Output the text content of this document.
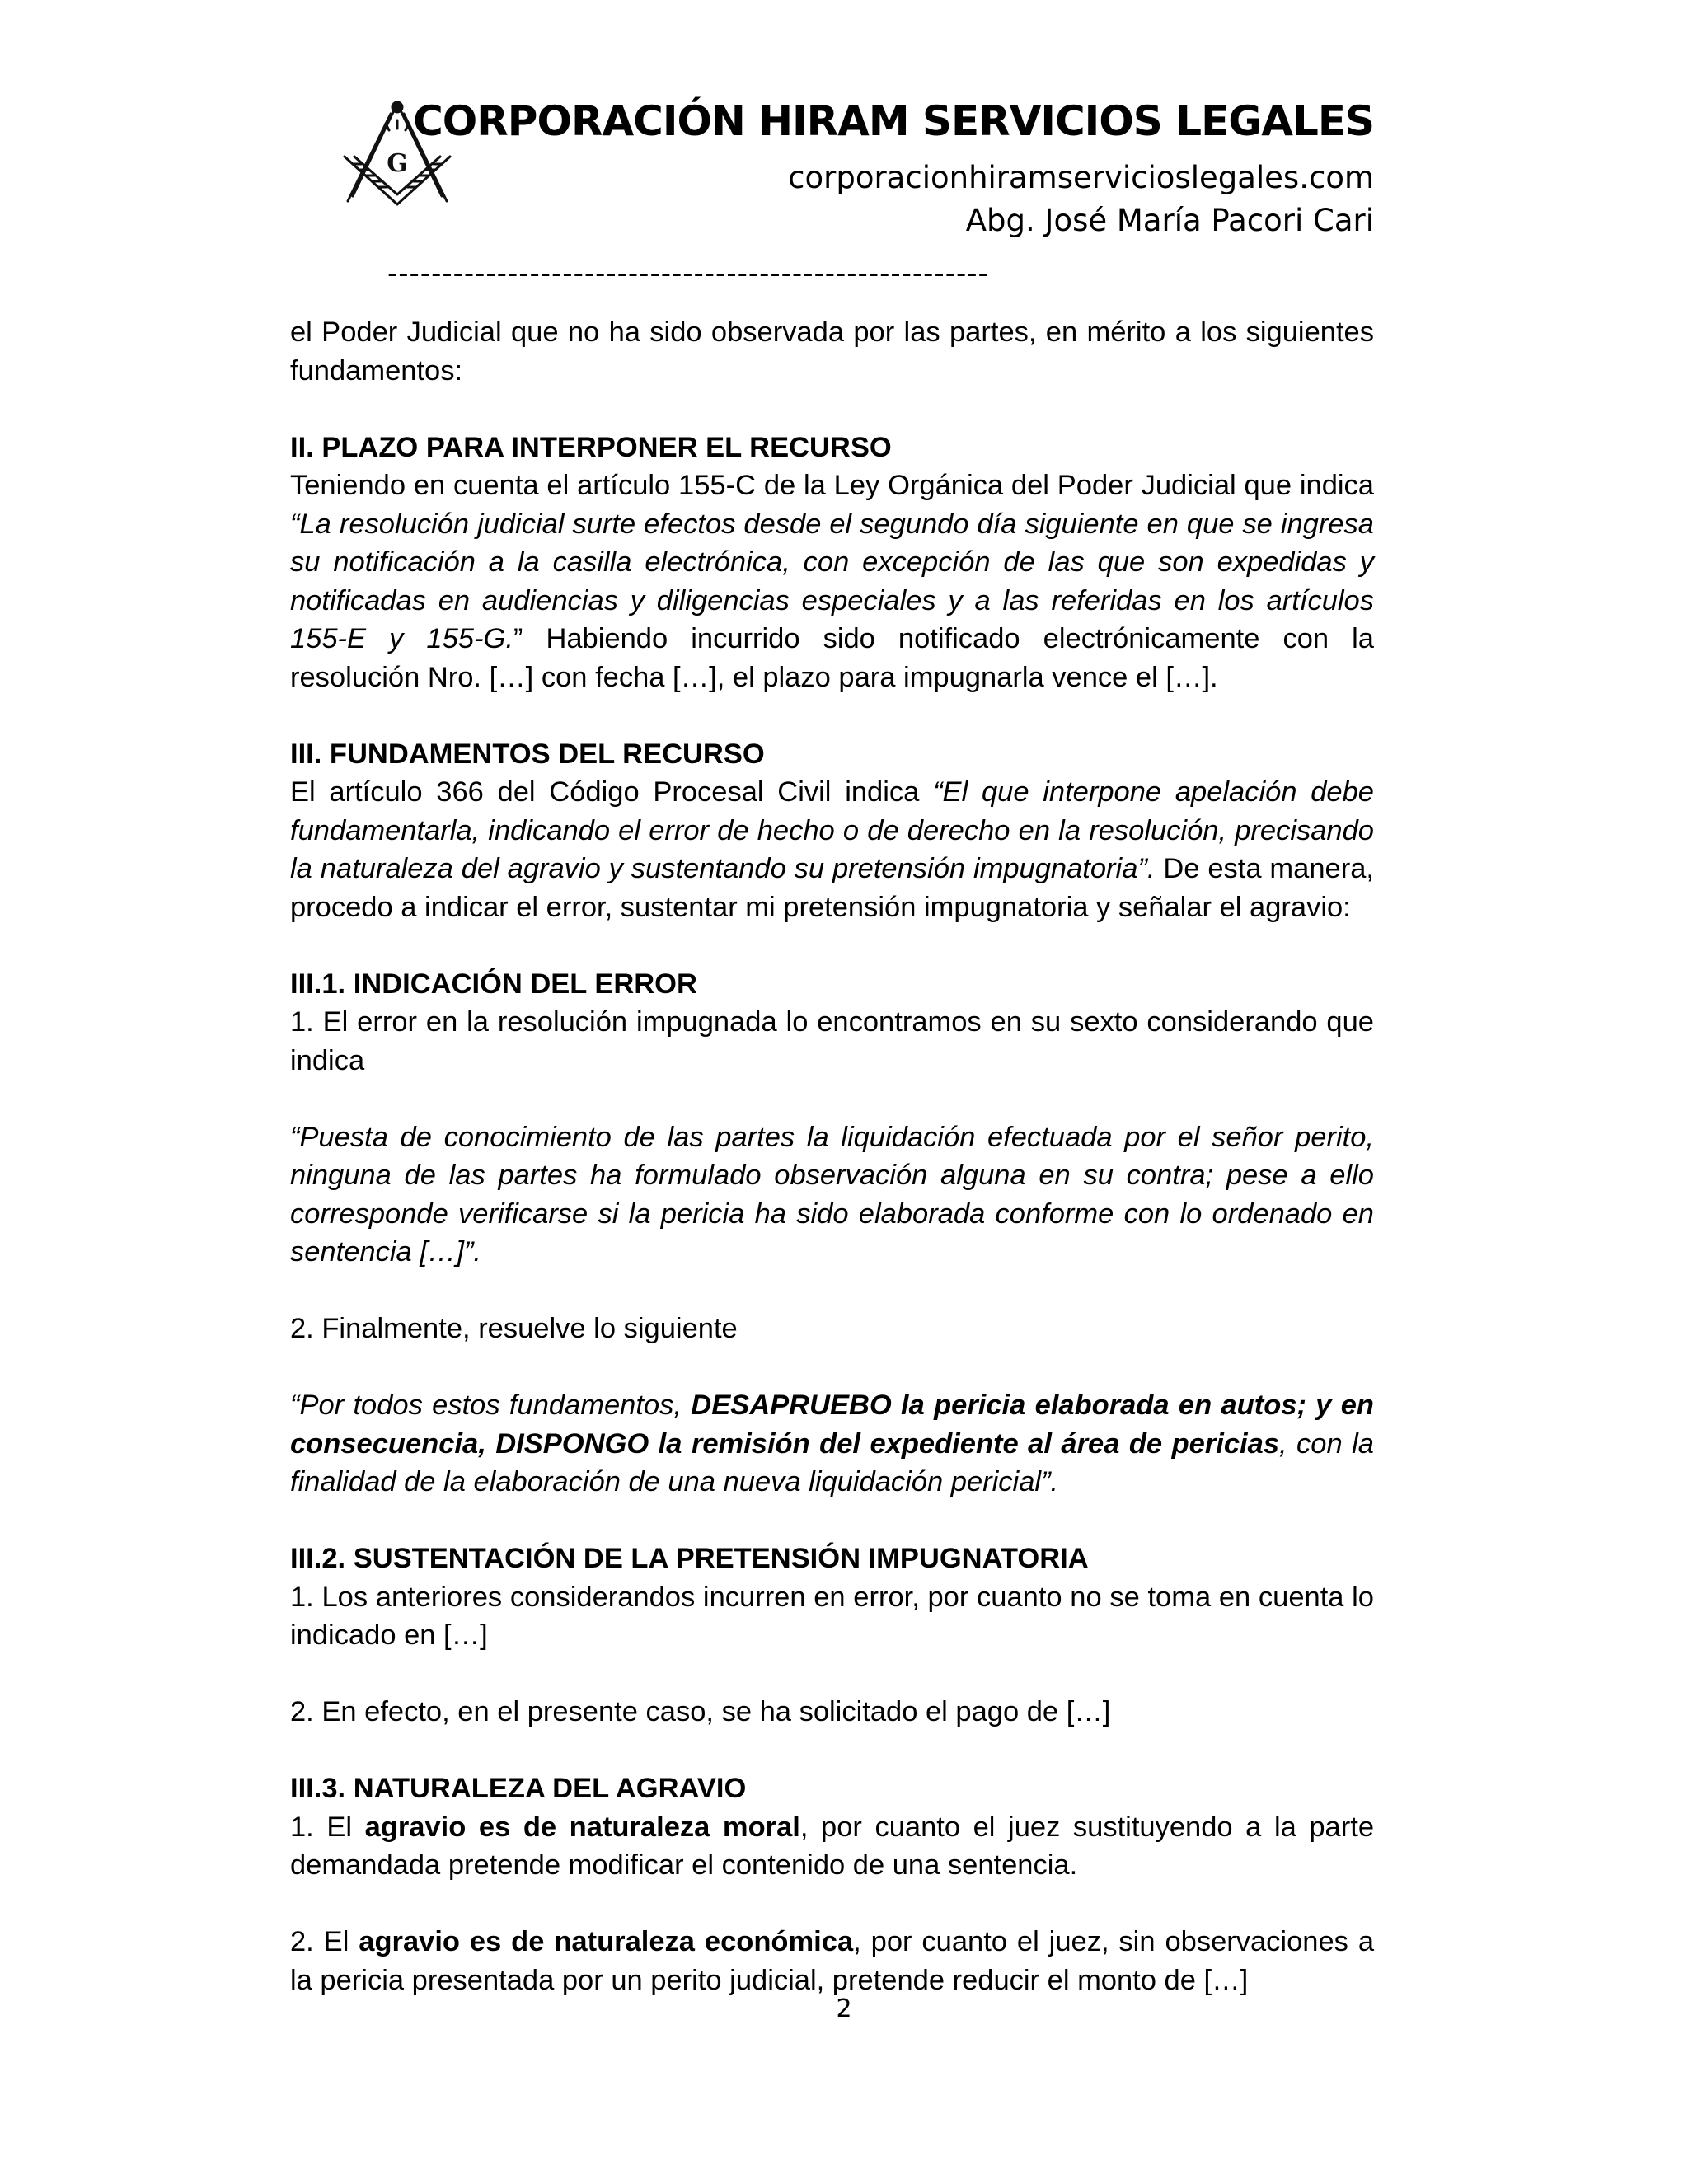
G
CORPORACIÓN HIRAM SERVICIOS LEGALES
corporacionhiramservicioslegales.com
Abg. José María Pacori Cari
-------------------------------------------------------

el Poder Judicial que no ha sido observada por las partes, en mérito a los siguientes fundamentos:

II. PLAZO PARA INTERPONER EL RECURSO

Teniendo en cuenta el artículo 155-C de la Ley Orgánica del Poder Judicial que indica “La resolución judicial surte efectos desde el segundo día siguiente en que se ingresa su notificación a la casilla electrónica, con excepción de las que son expedidas y notificadas en audiencias y diligencias especiales y a las referidas en los artículos 155-E y 155-G.” Habiendo incurrido sido notificado electrónicamente con la resolución Nro. […] con fecha […], el plazo para impugnarla vence el […].

III. FUNDAMENTOS DEL RECURSO

El artículo 366 del Código Procesal Civil indica “El que interpone apelación debe fundamentarla, indicando el error de hecho o de derecho en la resolución, precisando la naturaleza del agravio y sustentando su pretensión impugnatoria”. De esta manera, procedo a indicar el error, sustentar mi pretensión impugnatoria y señalar el agravio:

III.1. INDICACIÓN DEL ERROR

1. El error en la resolución impugnada lo encontramos en su sexto considerando que indica

“Puesta de conocimiento de las partes la liquidación efectuada por el señor perito, ninguna de las partes ha formulado observación alguna en su contra; pese a ello corresponde verificarse si la pericia ha sido elaborada conforme con lo ordenado en sentencia […]”.

2. Finalmente, resuelve lo siguiente

“Por todos estos fundamentos, DESAPRUEBO la pericia elaborada en autos; y en consecuencia, DISPONGO la remisión del expediente al área de pericias, con la finalidad de la elaboración de una nueva liquidación pericial”.

III.2. SUSTENTACIÓN DE LA PRETENSIÓN IMPUGNATORIA

1. Los anteriores considerandos incurren en error, por cuanto no se toma en cuenta lo indicado en […]

2. En efecto, en el presente caso, se ha solicitado el pago de […]

III.3. NATURALEZA DEL AGRAVIO

1. El agravio es de naturaleza moral, por cuanto el juez sustituyendo a la parte demandada pretende modificar el contenido de una sentencia.

2. El agravio es de naturaleza económica, por cuanto el juez, sin observaciones a la pericia presentada por un perito judicial, pretende reducir el monto de […]

2
